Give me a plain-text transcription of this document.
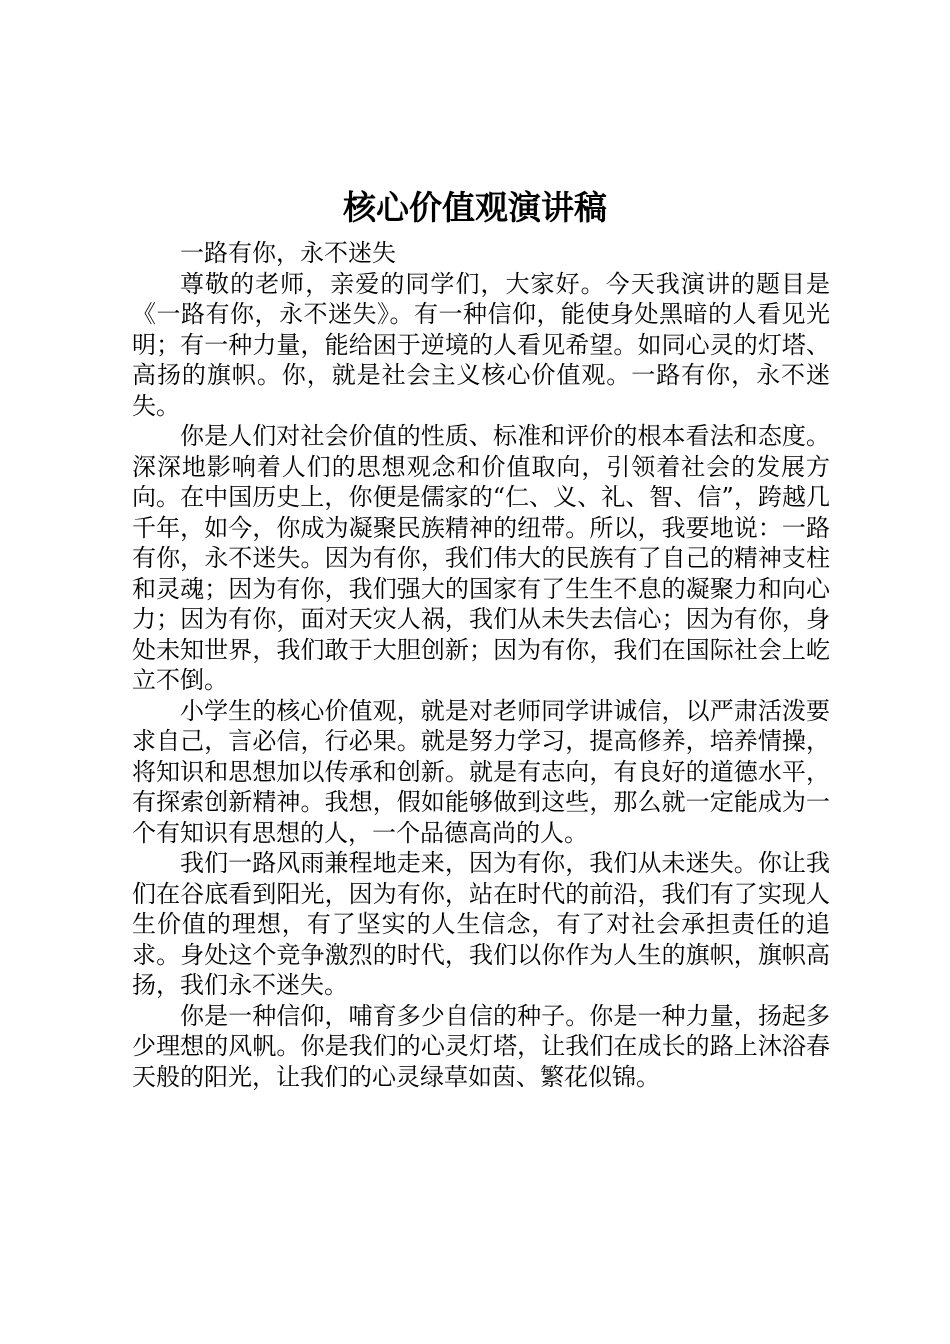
核心价值观演讲稿

一路有你，永不迷失

尊敬的老师，亲爱的同学们，大家好。今天我演讲的题目是《一路有你，永不迷失》。有一种信仰，能使身处黑暗的人看见光明；有一种力量，能给困于逆境的人看见希望。如同心灵的灯塔、高扬的旗帜。你，就是社会主义核心价值观。一路有你，永不迷失。

你是人们对社会价值的性质、标准和评价的根本看法和态度。深深地影响着人们的思想观念和价值取向，引领着社会的发展方向。在中国历史上，你便是儒家的“仁、义、礼、智、信”，跨越几千年，如今，你成为凝聚民族精神的纽带。所以，我要地说：一路有你，永不迷失。因为有你，我们伟大的民族有了自己的精神支柱和灵魂；因为有你，我们强大的国家有了生生不息的凝聚力和向心力；因为有你，面对天灾人祸，我们从未失去信心；因为有你，身处未知世界，我们敢于大胆创新；因为有你，我们在国际社会上屹立不倒。

小学生的核心价值观，就是对老师同学讲诚信，以严肃活泼要求自己，言必信，行必果。就是努力学习，提高修养，培养情操，将知识和思想加以传承和创新。就是有志向，有良好的道德水平，有探索创新精神。我想，假如能够做到这些，那么就一定能成为一个有知识有思想的人，一个品德高尚的人。

我们一路风雨兼程地走来，因为有你，我们从未迷失。你让我们在谷底看到阳光，因为有你，站在时代的前沿，我们有了实现人生价值的理想，有了坚实的人生信念，有了对社会承担责任的追求。身处这个竞争激烈的时代，我们以你作为人生的旗帜，旗帜高扬，我们永不迷失。

你是一种信仰，哺育多少自信的种子。你是一种力量，扬起多少理想的风帆。你是我们的心灵灯塔，让我们在成长的路上沐浴春天般的阳光，让我们的心灵绿草如茵、繁花似锦。
